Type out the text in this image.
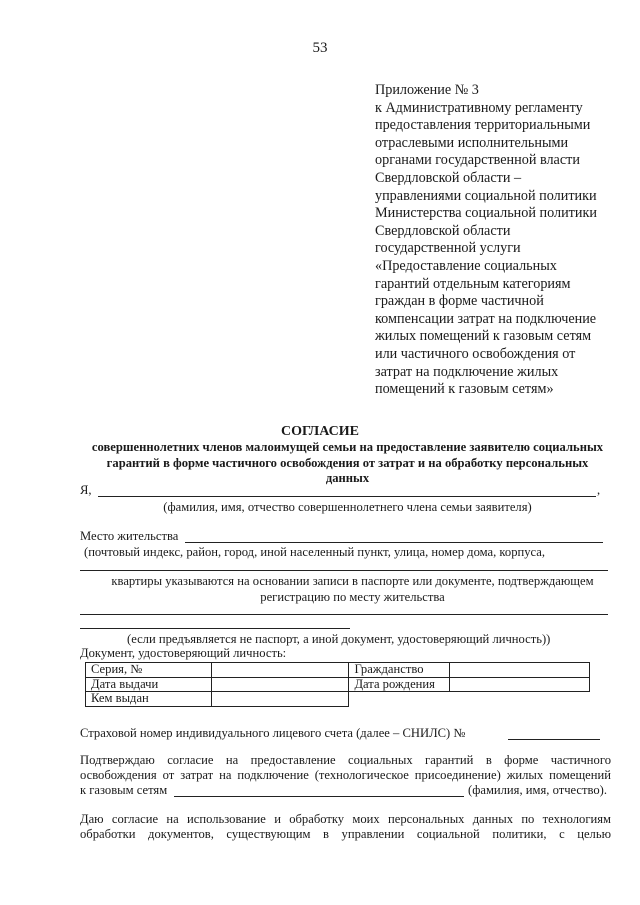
53
Приложение № 3
к Административному регламенту
предоставления территориальными
отраслевыми исполнительными
органами государственной власти
Свердловской области –
управлениями социальной политики
Министерства социальной политики
Свердловской области
государственной услуги
«Предоставление социальных
гарантий отдельным категориям
граждан в форме частичной
компенсации затрат на подключение
жилых помещений к газовым сетям
или частичного освобождения от
затрат на подключение жилых
помещений к газовым сетям»
СОГЛАСИЕ
совершеннолетних членов малоимущей семьи на предоставление заявителю социальных
гарантий в форме частичного освобождения от затрат и на обработку персональных
данных
Я,	,
(фамилия, имя, отчество совершеннолетнего члена семьи заявителя)
Место жительства
(почтовый индекс, район, город, иной населенный пункт, улица, номер дома, корпуса,
квартиры указываются на основании записи в паспорте или документе, подтверждающем
регистрацию по месту жительства
(если предъявляется не паспорт, а иной документ, удостоверяющий личность))
Документ, удостоверяющий личность:
Серия, №		Гражданство	
Дата выдачи		Дата рождения	
Кем выдан			
Страховой номер индивидуального лицевого счета (далее – СНИЛС) №
Подтверждаю согласие на предоставление социальных гарантий в форме частичного
освобождения от затрат на подключение (технологическое присоединение) жилых помещений
к газовым сетям	(фамилия, имя, отчество).
Даю согласие на использование и обработку моих персональных данных по технологиям
обработки документов, существующим в управлении социальной политики, с целью
